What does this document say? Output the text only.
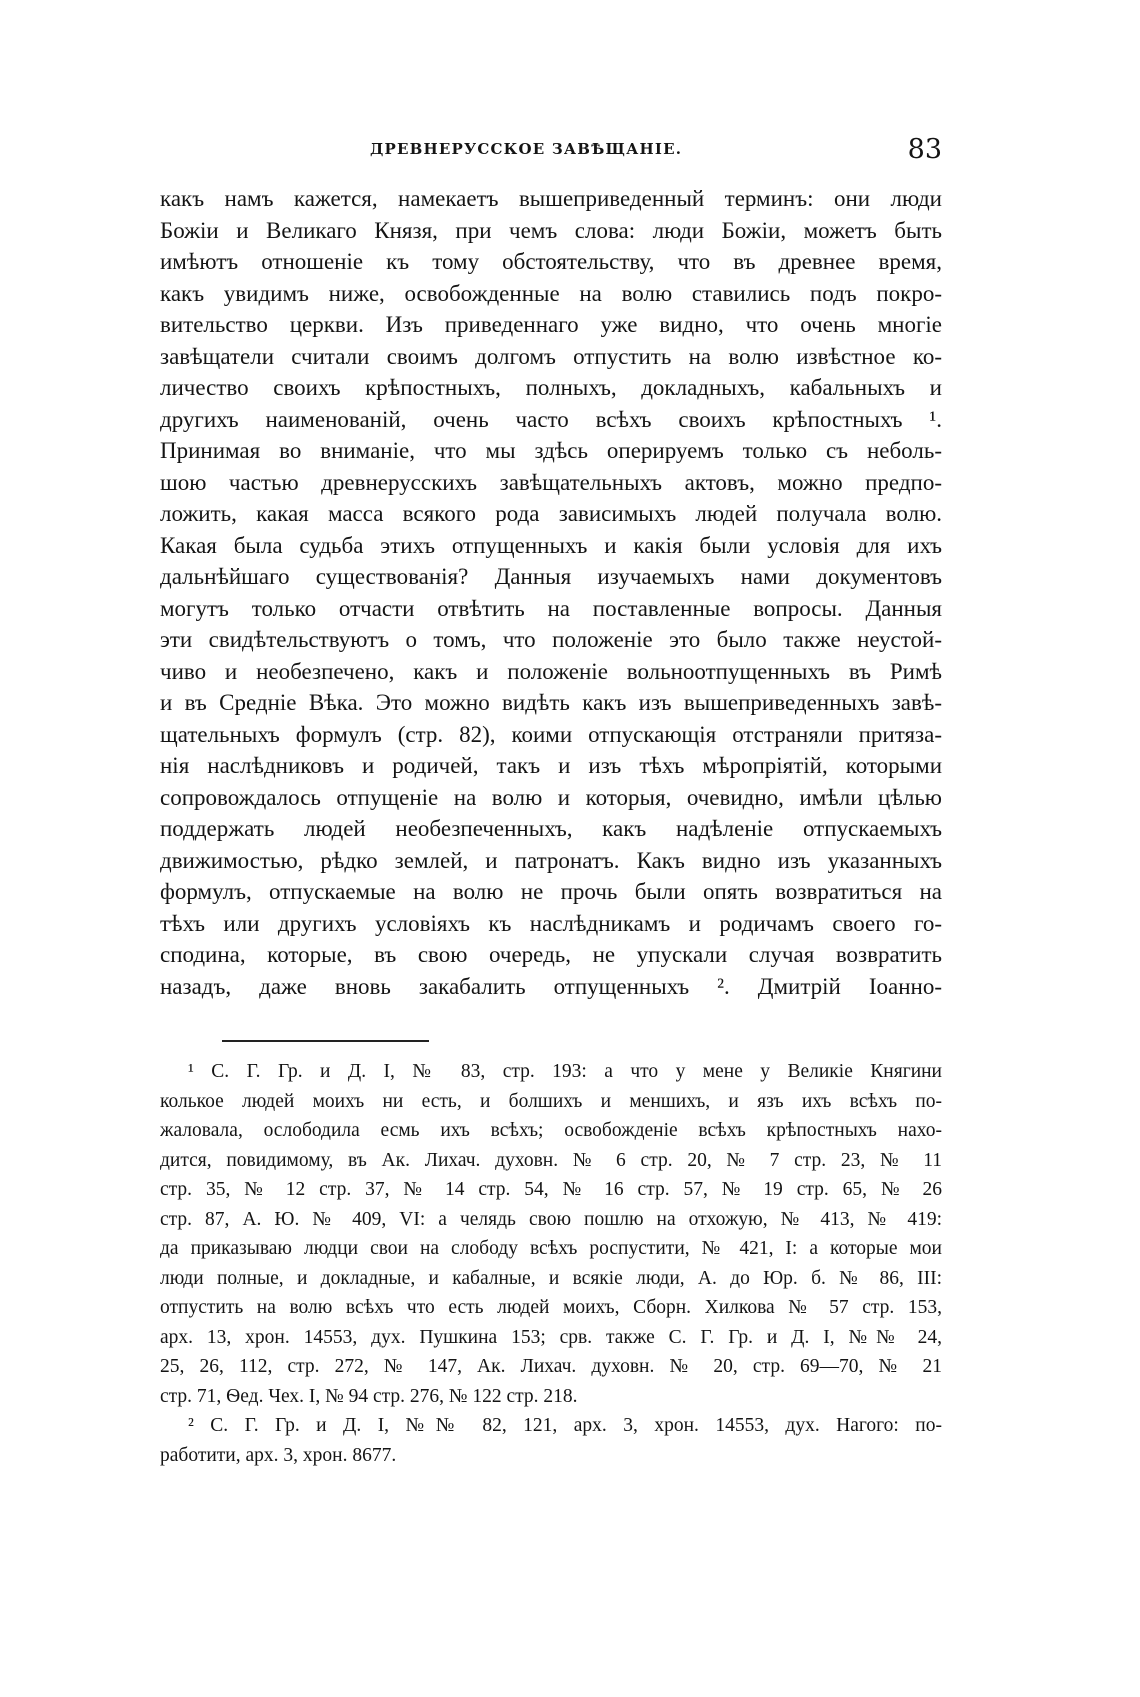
ДРЕВНЕРУССКОЕ ЗАВѢЩАНІЕ.	83
какъ намъ кажется, намекаетъ вышеприведенный терминъ: они люди
Божіи и Великаго Князя, при чемъ слова: люди Божіи, можетъ быть
имѣютъ отношеніе къ тому обстоятельству, что въ древнее время,
какъ увидимъ ниже, освобожденные на волю ставились подъ покро-
вительство церкви. Изъ приведеннаго уже видно, что очень многіе
завѣщатели считали своимъ долгомъ отпустить на волю извѣстное ко-
личество своихъ крѣпостныхъ, полныхъ, докладныхъ, кабальныхъ и
другихъ наименованій, очень часто всѣхъ своихъ крѣпостныхъ ¹.
Принимая во вниманіе, что мы здѣсь оперируемъ только съ неболь-
шою частью древнерусскихъ завѣщательныхъ актовъ, можно предпо-
ложить, какая масса всякого рода зависимыхъ людей получала волю.
Какая была судьба этихъ отпущенныхъ и какія были условія для ихъ
дальнѣйшаго существованія? Данныя изучаемыхъ нами документовъ
могутъ только отчасти отвѣтить на поставленные вопросы. Данныя
эти свидѣтельствуютъ о томъ, что положеніе это было также неустой-
чиво и необезпечено, какъ и положеніе вольноотпущенныхъ въ Римѣ
и въ Средніе Вѣка. Это можно видѣть какъ изъ вышеприведенныхъ завѣ-
щательныхъ формулъ (стр. 82), коими отпускающія отстраняли притяза-
нія наслѣдниковъ и родичей, такъ и изъ тѣхъ мѣропріятій, которыми
сопровождалось отпущеніе на волю и которыя, очевидно, имѣли цѣлью
поддержать людей необезпеченныхъ, какъ надѣленіе отпускаемыхъ
движимостью, рѣдко землей, и патронатъ. Какъ видно изъ указанныхъ
формулъ, отпускаемые на волю не прочь были опять возвратиться на
тѣхъ или другихъ условіяхъ къ наслѣдникамъ и родичамъ своего го-
сподина, которые, въ свою очередь, не упускали случая возвратить
назадъ, даже вновь закабалить отпущенныхъ ². Дмитрій Іоанно-
¹ С. Г. Гр. и Д. I, № 83, стр. 193: а что у мене у Великіе Княгини
колькое людей моихъ ни есть, и болшихъ и меншихъ, и язъ ихъ всѣхъ по-
жаловала, ослободила есмь ихъ всѣхъ; освобожденіе всѣхъ крѣпостныхъ нахо-
дится, повидимому, въ Ак. Лихач. духовн. № 6 стр. 20, № 7 стр. 23, № 11
стр. 35, № 12 стр. 37, № 14 стр. 54, № 16 стр. 57, № 19 стр. 65, № 26
стр. 87, А. Ю. № 409, VI: а челядь свою пошлю на отхожую, № 413, № 419:
да приказываю людци свои на слободу всѣхъ роспустити, № 421, I: а которые мои
люди полные, и докладные, и кабалные, и всякіе люди, А. до Юр. б. № 86, III:
отпустить на волю всѣхъ что есть людей моихъ, Сборн. Хилкова № 57 стр. 153,
арх. 13, хрон. 14553, дух. Пушкина 153; срв. также С. Г. Гр. и Д. I, №№ 24,
25, 26, 112, стр. 272, № 147, Ак. Лихач. духовн. № 20, стр. 69—70, № 21
стр. 71, Ѳед. Чех. I, № 94 стр. 276, № 122 стр. 218.
² С. Г. Гр. и Д. I, №№ 82, 121, арх. 3, хрон. 14553, дух. Нагого: по-
работити, арх. 3, хрон. 8677.
